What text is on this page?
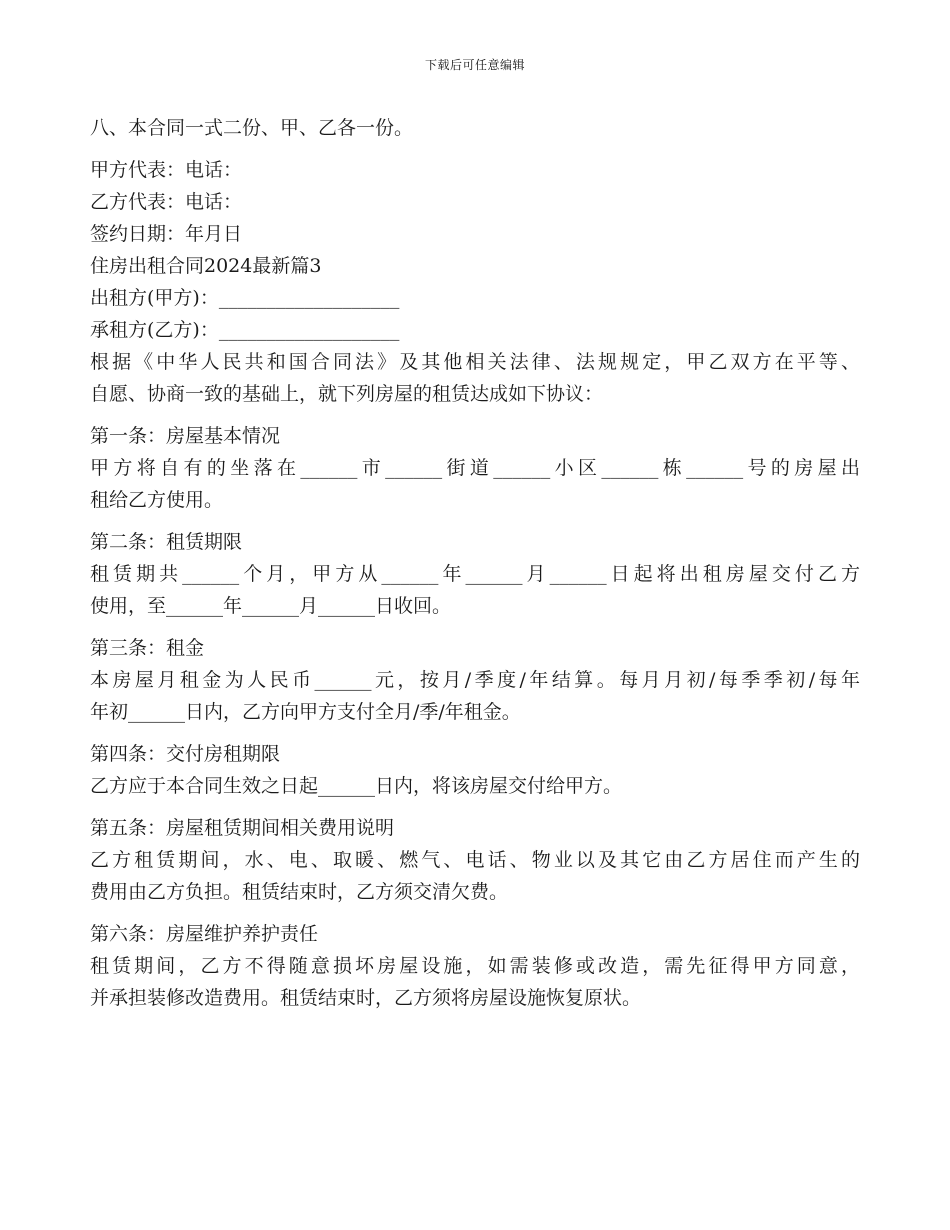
下载后可任意编辑

八、本合同一式二份、甲、乙各一份。

甲方代表：电话：

乙方代表：电话：

签约日期：年月日

住房出租合同2024最新篇3

出租方(甲方)：___________________

承租方(乙方)：___________________

根据《中华人民共和国合同法》及其他相关法律、法规规定，甲乙双方在平等、

自愿、协商一致的基础上，就下列房屋的租赁达成如下协议：

第一条：房屋基本情况

甲方将自有的坐落在______市______街道______小区______栋______号的房屋出

租给乙方使用。

第二条：租赁期限

租赁期共______个月，甲方从______年______月______日起将出租房屋交付乙方

使用，至______年______月______日收回。

第三条：租金

本房屋月租金为人民币______元，按月/季度/年结算。每月月初/每季季初/每年

年初______日内，乙方向甲方支付全月/季/年租金。

第四条：交付房租期限

乙方应于本合同生效之日起______日内，将该房屋交付给甲方。

第五条：房屋租赁期间相关费用说明

乙方租赁期间，水、电、取暖、燃气、电话、物业以及其它由乙方居住而产生的

费用由乙方负担。租赁结束时，乙方须交清欠费。

第六条：房屋维护养护责任

租赁期间，乙方不得随意损坏房屋设施，如需装修或改造，需先征得甲方同意，

并承担装修改造费用。租赁结束时，乙方须将房屋设施恢复原状。
